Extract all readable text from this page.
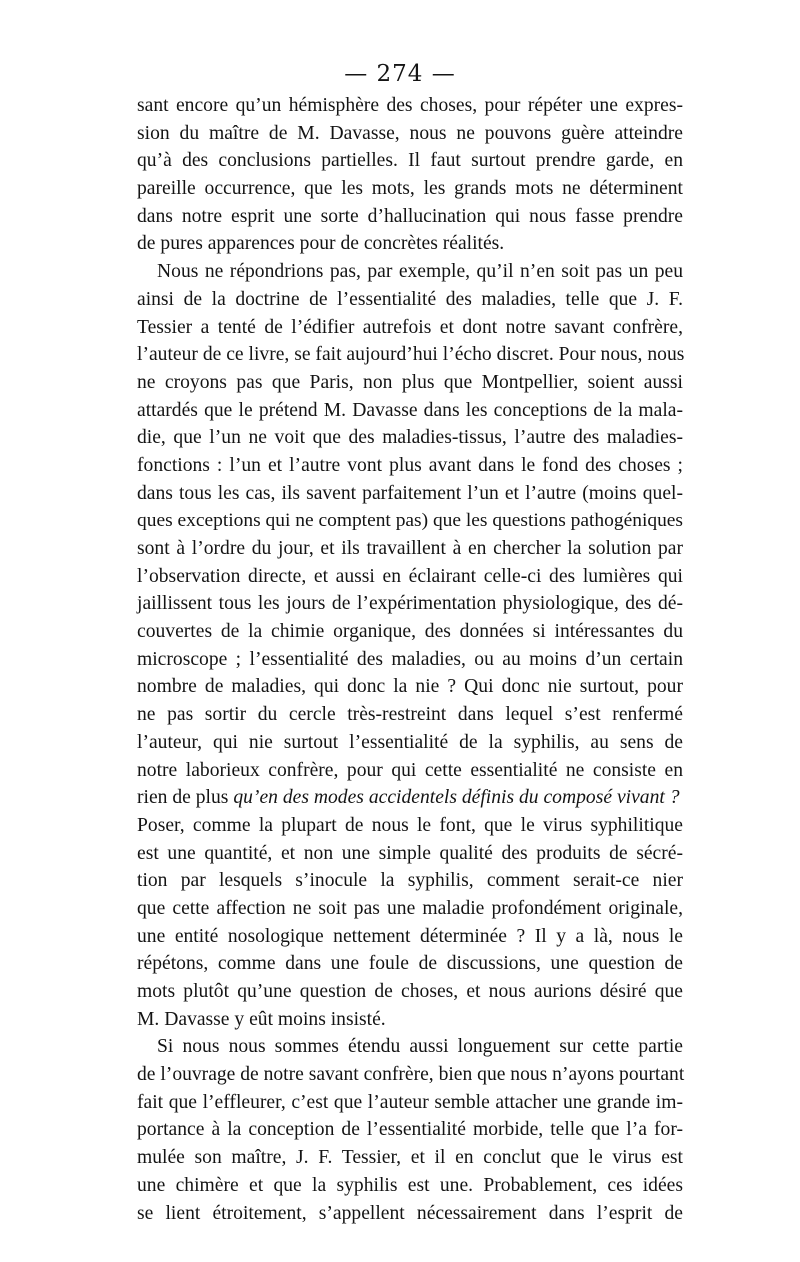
— 274 —
sant encore qu’un hémisphère des choses, pour répéter une expres-
sion du maître de M. Davasse, nous ne pouvons guère atteindre
qu’à des conclusions partielles. Il faut surtout prendre garde, en
pareille occurrence, que les mots, les grands mots ne déterminent
dans notre esprit une sorte d’hallucination qui nous fasse prendre
de pures apparences pour de concrètes réalités.
Nous ne répondrions pas, par exemple, qu’il n’en soit pas un peu
ainsi de la doctrine de l’essentialité des maladies, telle que J. F.
Tessier a tenté de l’édifier autrefois et dont notre savant confrère,
l’auteur de ce livre, se fait aujourd’hui l’écho discret. Pour nous, nous
ne croyons pas que Paris, non plus que Montpellier, soient aussi
attardés que le prétend M. Davasse dans les conceptions de la mala-
die, que l’un ne voit que des maladies-tissus, l’autre des maladies-
fonctions : l’un et l’autre vont plus avant dans le fond des choses ;
dans tous les cas, ils savent parfaitement l’un et l’autre (moins quel-
ques exceptions qui ne comptent pas) que les questions pathogéniques
sont à l’ordre du jour, et ils travaillent à en chercher la solution par
l’observation directe, et aussi en éclairant celle-ci des lumières qui
jaillissent tous les jours de l’expérimentation physiologique, des dé-
couvertes de la chimie organique, des données si intéressantes du
microscope ; l’essentialité des maladies, ou au moins d’un certain
nombre de maladies, qui donc la nie ? Qui donc nie surtout, pour
ne pas sortir du cercle très-restreint dans lequel s’est renfermé
l’auteur, qui nie surtout l’essentialité de la syphilis, au sens de
notre laborieux confrère, pour qui cette essentialité ne consiste en
rien de plus qu’en des modes accidentels définis du composé vivant ?
Poser, comme la plupart de nous le font, que le virus syphilitique
est une quantité, et non une simple qualité des produits de sécré-
tion par lesquels s’inocule la syphilis, comment serait-ce nier
que cette affection ne soit pas une maladie profondément originale,
une entité nosologique nettement déterminée ? Il y a là, nous le
répétons, comme dans une foule de discussions, une question de
mots plutôt qu’une question de choses, et nous aurions désiré que
M. Davasse y eût moins insisté.
Si nous nous sommes étendu aussi longuement sur cette partie
de l’ouvrage de notre savant confrère, bien que nous n’ayons pourtant
fait que l’effleurer, c’est que l’auteur semble attacher une grande im-
portance à la conception de l’essentialité morbide, telle que l’a for-
mulée son maître, J. F. Tessier, et il en conclut que le virus est
une chimère et que la syphilis est une. Probablement, ces idées
se lient étroitement, s’appellent nécessairement dans l’esprit de
